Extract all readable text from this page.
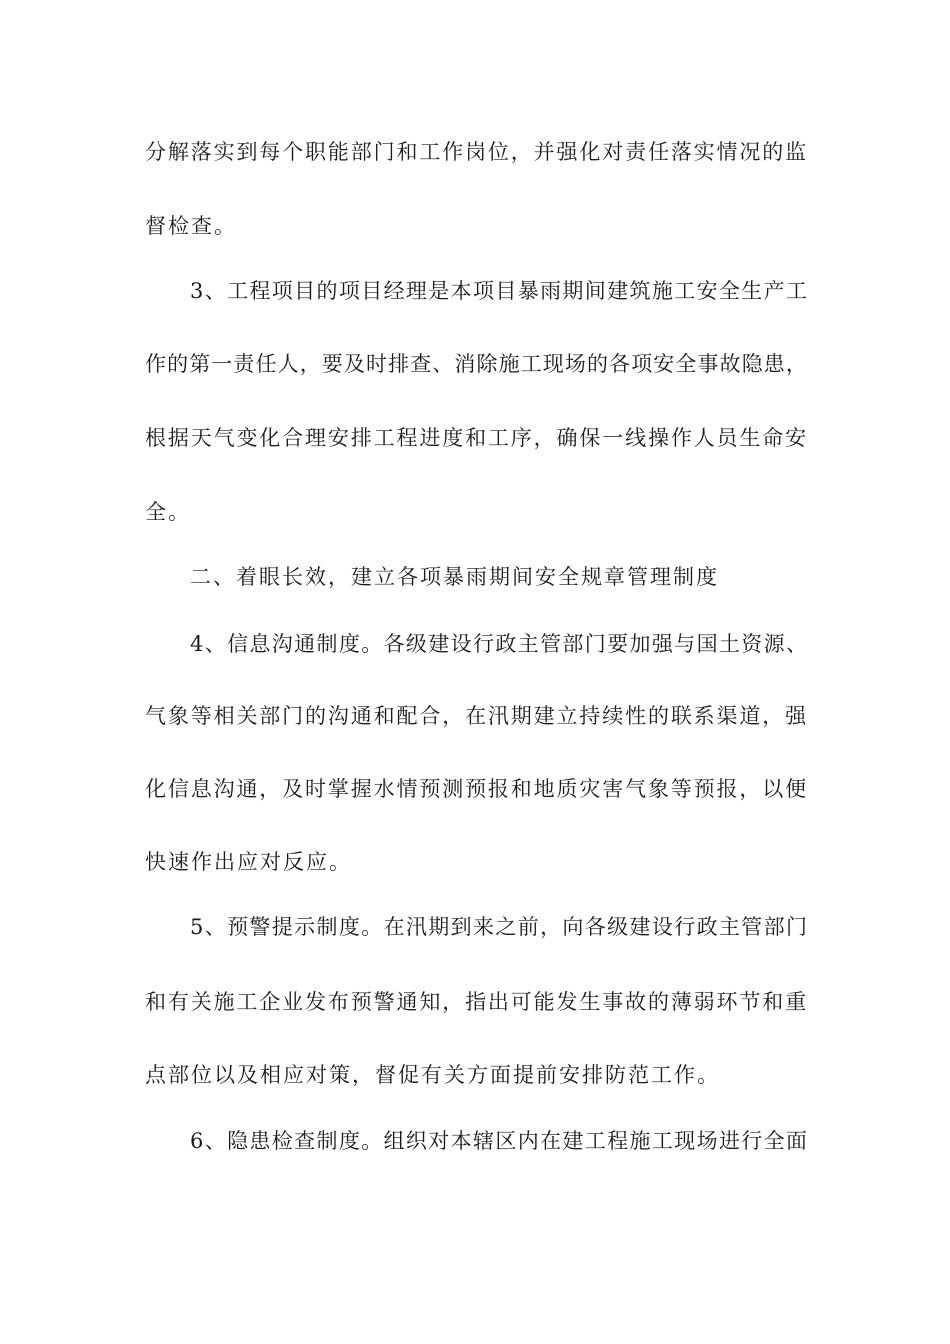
分解落实到每个职能部门和工作岗位，并强化对责任落实情况的监
督检查。
3、工程项目的项目经理是本项目暴雨期间建筑施工安全生产工
作的第一责任人，要及时排查、消除施工现场的各项安全事故隐患，
根据天气变化合理安排工程进度和工序，确保一线操作人员生命安
全。
二、着眼长效，建立各项暴雨期间安全规章管理制度
4、信息沟通制度。各级建设行政主管部门要加强与国土资源、
气象等相关部门的沟通和配合，在汛期建立持续性的联系渠道，强
化信息沟通，及时掌握水情预测预报和地质灾害气象等预报，以便
快速作出应对反应。
5、预警提示制度。在汛期到来之前，向各级建设行政主管部门
和有关施工企业发布预警通知，指出可能发生事故的薄弱环节和重
点部位以及相应对策，督促有关方面提前安排防范工作。
6、隐患检查制度。组织对本辖区内在建工程施工现场进行全面
